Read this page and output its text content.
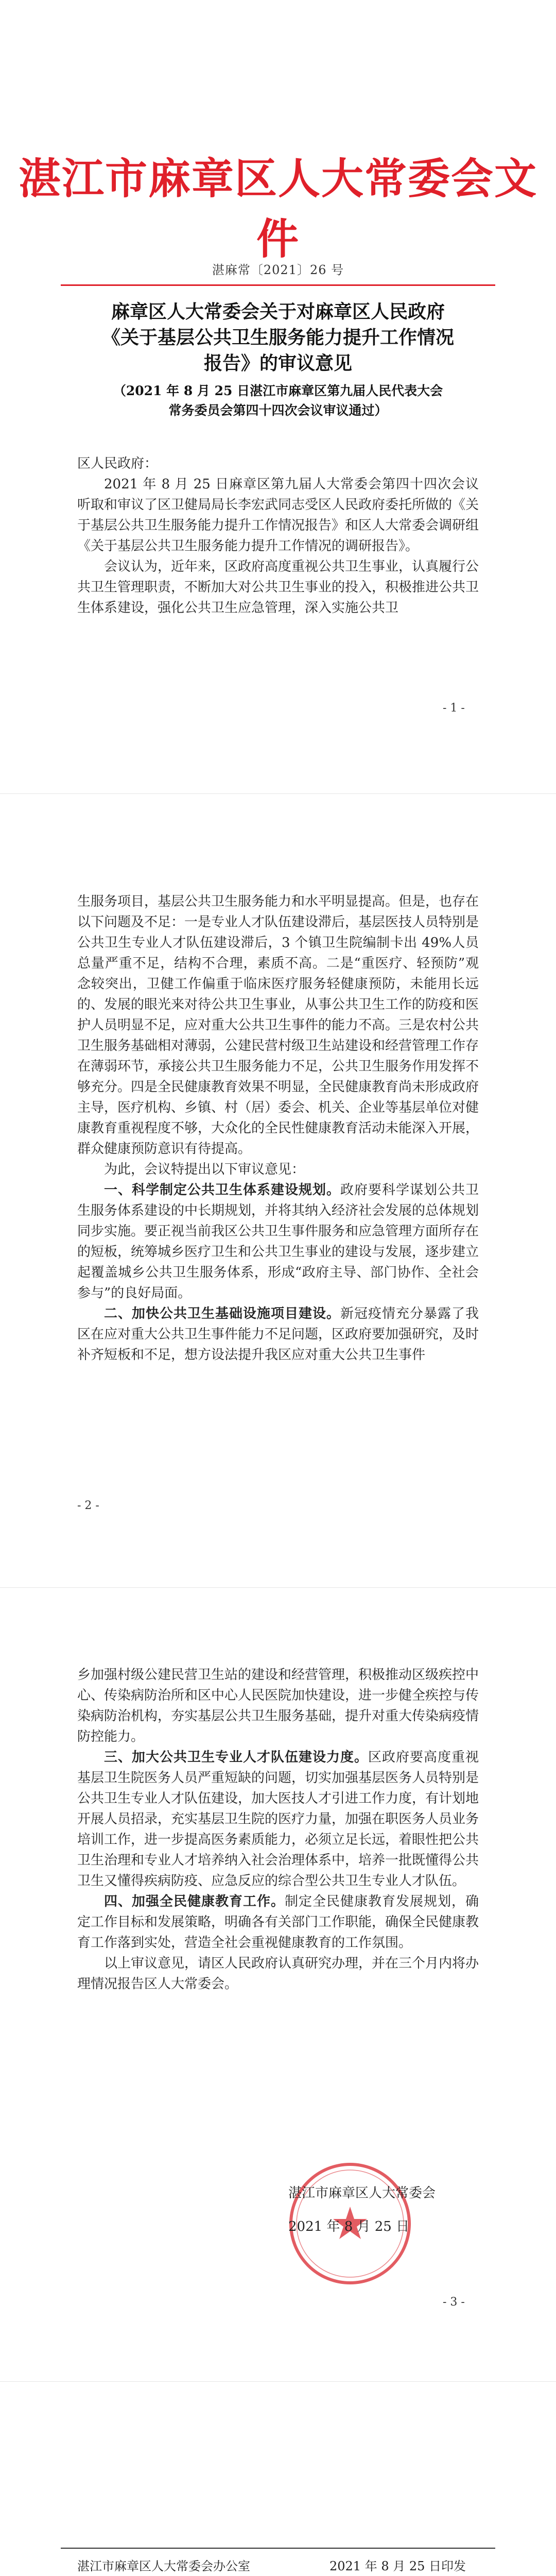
湛江市麻章区人大常委会文件
湛麻常〔2021〕26 号
麻章区人大常委会关于对麻章区人民政府
《关于基层公共卫生服务能力提升工作情况
报告》的审议意见
（2021 年 8 月 25 日湛江市麻章区第九届人民代表大会
常务委员会第四十四次会议审议通过）

区人民政府：

2021 年 8 月 25 日麻章区第九届人大常委会第四十四次会议听取和审议了区卫健局局长李宏武同志受区人民政府委托所做的《关于基层公共卫生服务能力提升工作情况报告》和区人大常委会调研组《关于基层公共卫生服务能力提升工作情况的调研报告》。

会议认为，近年来，区政府高度重视公共卫生事业，认真履行公共卫生管理职责，不断加大对公共卫生事业的投入，积极推进公共卫生体系建设，强化公共卫生应急管理，深入实施公共卫

- 1 -

生服务项目，基层公共卫生服务能力和水平明显提高。但是，也存在以下问题及不足：一是专业人才队伍建设滞后，基层医技人员特别是公共卫生专业人才队伍建设滞后，3 个镇卫生院编制卡出 49%人员总量严重不足，结构不合理，素质不高。二是“重医疗、轻预防”观念较突出，卫健工作偏重于临床医疗服务轻健康预防，未能用长远的、发展的眼光来对待公共卫生事业，从事公共卫生工作的防疫和医护人员明显不足，应对重大公共卫生事件的能力不高。三是农村公共卫生服务基础相对薄弱，公建民营村级卫生站建设和经营管理工作存在薄弱环节，承接公共卫生服务能力不足，公共卫生服务作用发挥不够充分。四是全民健康教育效果不明显，全民健康教育尚未形成政府主导，医疗机构、乡镇、村（居）委会、机关、企业等基层单位对健康教育重视程度不够，大众化的全民性健康教育活动未能深入开展，群众健康预防意识有待提高。

为此，会议特提出以下审议意见：

一、科学制定公共卫生体系建设规划。政府要科学谋划公共卫生服务体系建设的中长期规划，并将其纳入经济社会发展的总体规划同步实施。要正视当前我区公共卫生事件服务和应急管理方面所存在的短板，统筹城乡医疗卫生和公共卫生事业的建设与发展，逐步建立起覆盖城乡公共卫生服务体系，形成“政府主导、部门协作、全社会参与”的良好局面。

二、加快公共卫生基础设施项目建设。新冠疫情充分暴露了我区在应对重大公共卫生事件能力不足问题，区政府要加强研究，及时补齐短板和不足，想方设法提升我区应对重大公共卫生事件

- 2 -

乡加强村级公建民营卫生站的建设和经营管理，积极推动区级疾控中心、传染病防治所和区中心人民医院加快建设，进一步健全疾控与传染病防治机构，夯实基层公共卫生服务基础，提升对重大传染病疫情防控能力。

三、加大公共卫生专业人才队伍建设力度。区政府要高度重视基层卫生院医务人员严重短缺的问题，切实加强基层医务人员特别是公共卫生专业人才队伍建设，加大医技人才引进工作力度，有计划地开展人员招录，充实基层卫生院的医疗力量，加强在职医务人员业务培训工作，进一步提高医务素质能力，必须立足长远，着眼性把公共卫生治理和专业人才培养纳入社会治理体系中，培养一批既懂得公共卫生又懂得疾病防疫、应急反应的综合型公共卫生专业人才队伍。

四、加强全民健康教育工作。制定全民健康教育发展规划，确定工作目标和发展策略，明确各有关部门工作职能，确保全民健康教育工作落到实处，营造全社会重视健康教育的工作氛围。

以上审议意见，请区人民政府认真研究办理，并在三个月内将办理情况报告区人大常委会。

湛江市麻章区人大常委会
2021 年 8 月 25 日
- 3 -
湛江市麻章区人大常委会办公室	2021 年 8 月 25 日印发
